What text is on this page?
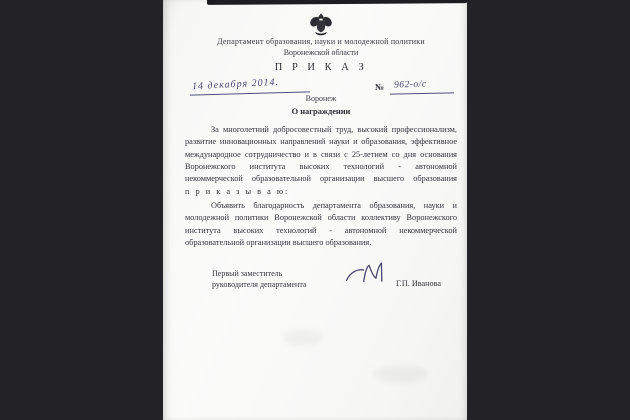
Департамент образования, науки и молодежной политики
Воронежской области
П Р И К А З
14 декабря 2014.	№ 962-о/с
Воронеж
О награждении
За многолетний добросовестный труд, высокий профессионализм,
развитие инновационных направлений науки и образования, эффективное
международное сотрудничество и в связи с 25-летием со дня основания
Воронежского института высоких технологий - автономной
некоммерческой образовательной организации высшего образования
п р и к а з ы в а ю:
Объявить благодарность департамента образования, науки и
молодежной политики Воронежской области коллективу Воронежского
института высоких технологий - автономной некоммерческой
образовательной организации высшего образования.
Первый заместитель
руководителя департамента	Г.П. Иванова
